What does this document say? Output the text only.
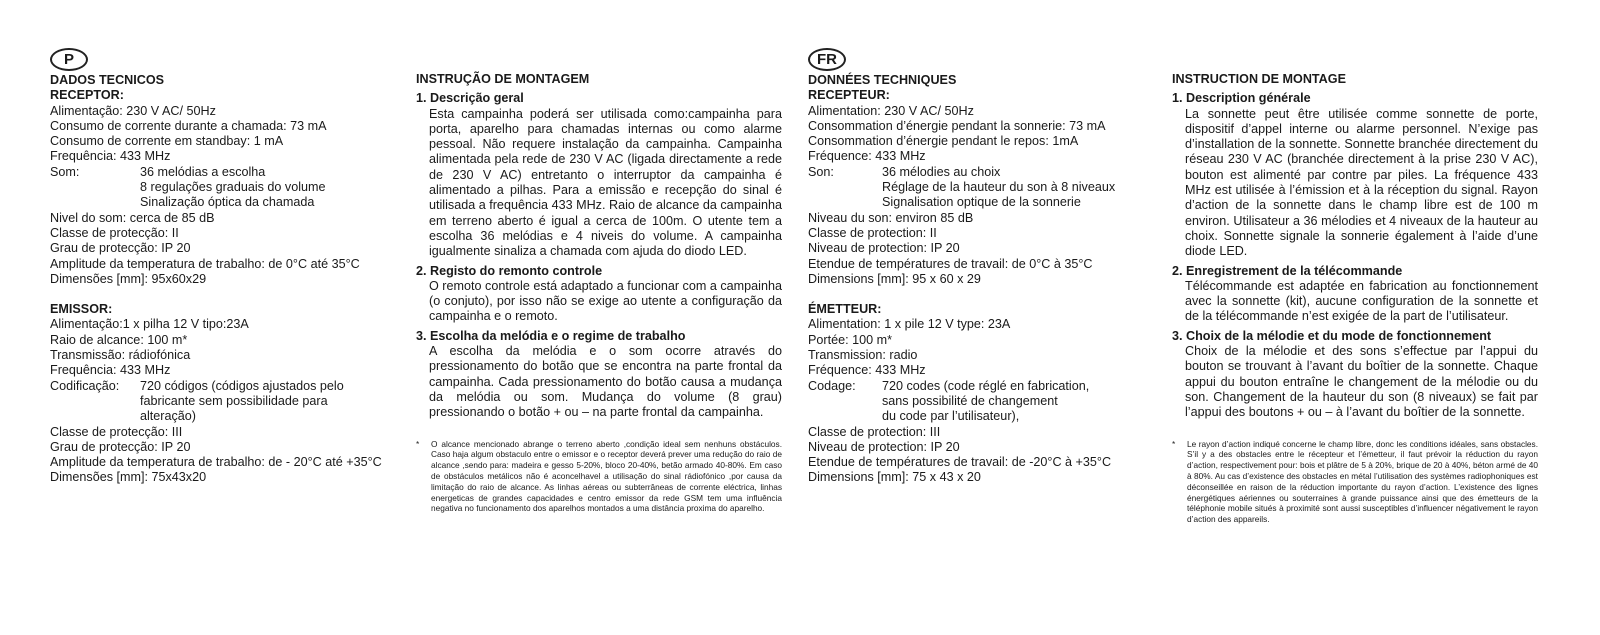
P
DADOS TECNICOS
RECEPTOR:
Alimentação: 230 V AC/ 50Hz
Consumo de corrente durante a chamada: 73 mA
Consumo de corrente em standbay: 1 mA
Frequência: 433 MHz
Som:	36 melódias a escolha
8 regulações graduais do volume
Sinalização óptica da chamada
Nivel do som: cerca de 85 dB
Classe de protecção: II
Grau de protecção: IP 20
Amplitude da temperatura de trabalho: de 0°C até 35°C
Dimensões [mm]: 95x60x29
EMISSOR:
Alimentação:1 x pilha 12 V tipo:23A
Raio de alcance: 100 m*
Transmissão: rádiofónica
Frequência: 433 MHz
Codificação:	720 códigos (códigos ajustados pelo
fabricante sem possibilidade para
alteração)
Classe de protecção: III
Grau de protecção: IP 20
Amplitude da temperatura de trabalho: de - 20°C até +35°C
Dimensões [mm]: 75x43x20
INSTRUÇÃO DE MONTAGEM
1. Descrição geral
Esta campainha poderá ser utilisada como:campainha para porta, aparelho para chamadas internas ou como alarme pessoal. Não requere instalação da campainha. Campainha alimentada pela rede de 230 V AC (ligada directamente a rede de 230 V AC) entretanto o interruptor da campainha é alimentado a pilhas. Para a emissão e recepção do sinal é utilisada a frequência 433 MHz. Raio de alcance da campainha em terreno aberto é igual a cerca de 100m. O utente tem a escolha 36 melódias e 4 niveis do volume. A campainha igualmente sinaliza a chamada com ajuda do diodo LED.
2. Registo do remonto controle
O remoto controle está adaptado a funcionar com a campainha (o conjuto), por isso não se exige ao utente a configuração da campainha e o remoto.
3. Escolha da melódia e o regime de trabalho
A escolha da melódia e o som ocorre através do pressionamento do botão que se encontra na parte frontal da campainha. Cada pressionamento do botão causa a mudança da melódia ou som. Mudança do volume (8 grau) pressionando o botão + ou – na parte frontal da campainha.
*	O alcance mencionado abrange o terreno aberto ,condição ideal sem nenhuns obstáculos. Caso haja algum obstaculo entre o emissor e o receptor deverá prever uma redução do raio de alcance ,sendo para: madeira e gesso 5-20%, bloco 20-40%, betão armado 40-80%. Em caso de obstáculos metálicos não é aconcelhavel a utilisação do sinal rádiofónico ,por causa da limitação do raio de alcance. As linhas aéreas ou subterrâneas de corrente eléctrica, linhas energeticas de grandes capacidades e centro emissor da rede GSM tem uma influência negativa no funcionamento dos aparelhos montados a uma distância proxima do aparelho.
FR
DONNÉES TECHNIQUES
RECEPTEUR:
Alimentation: 230 V AC/ 50Hz
Consommation d’énergie pendant la sonnerie: 73 mA
Consommation d’énergie pendant le repos: 1mA
Fréquence: 433 MHz
Son:	36 mélodies au choix
Réglage de la hauteur du son à 8 niveaux
Signalisation optique de la sonnerie
Niveau du son: environ 85 dB
Classe de protection: II
Niveau de protection: IP 20
Etendue de températures de travail: de 0°C à 35°C
Dimensions [mm]: 95 x 60 x 29
ÉMETTEUR:
Alimentation: 1 x pile 12 V type: 23A
Portée: 100 m*
Transmission: radio
Fréquence: 433 MHz
Codage:	720 codes (code réglé en fabrication,
sans possibilité de changement
du code par l’utilisateur),
Classe de protection: III
Niveau de protection: IP 20
Etendue de températures de travail: de -20°C à +35°C
Dimensions [mm]: 75 x 43 x 20
INSTRUCTION DE MONTAGE
1. Description générale
La sonnette peut être utilisée comme sonnette de porte, dispositif d’appel interne ou alarme personnel. N’exige pas d’installation de la sonnette. Sonnette branchée directement du réseau 230 V AC (branchée directement à la prise 230 V AC), bouton est alimenté par contre par piles. La fréquence 433 MHz est utilisée à l’émission et à la réception du signal. Rayon d’action de la sonnette dans le champ libre est de 100 m environ. Utilisateur a 36 mélodies et 4 niveaux de la hauteur au choix. Sonnette signale la sonnerie également à l’aide d’une diode LED.
2. Enregistrement de la télécommande
Télécommande est adaptée en fabrication au fonctionnement avec la sonnette (kit), aucune configuration de la sonnette et de la télécommande n’est exigée de la part de l’utilisateur.
3. Choix de la mélodie et du mode de fonctionnement
Choix de la mélodie et des sons s’effectue par l’appui du bouton se trouvant à l’avant du boîtier de la sonnette. Chaque appui du bouton entraîne le changement de la mélodie ou du son. Changement de la hauteur du son (8 niveaux) se fait par l’appui des boutons + ou – à l’avant du boîtier de la sonnette.
*	Le rayon d’action indiqué concerne le champ libre, donc les conditions idéales, sans obstacles. S’il y a des obstacles entre le récepteur et l’émetteur, il faut prévoir la réduction du rayon d’action, respectivement pour: bois et plâtre de 5 à 20%, brique de 20 à 40%, béton armé de 40 à 80%. Au cas d’existence des obstacles en métal l’utilisation des systèmes radiophoniques est déconseillée en raison de la réduction importante du rayon d’action. L’existence des lignes énergétiques aériennes ou souterraines à grande puissance ainsi que des émetteurs de la téléphonie mobile situés à proximité sont aussi susceptibles d’influencer négativement le rayon d’action des appareils.
